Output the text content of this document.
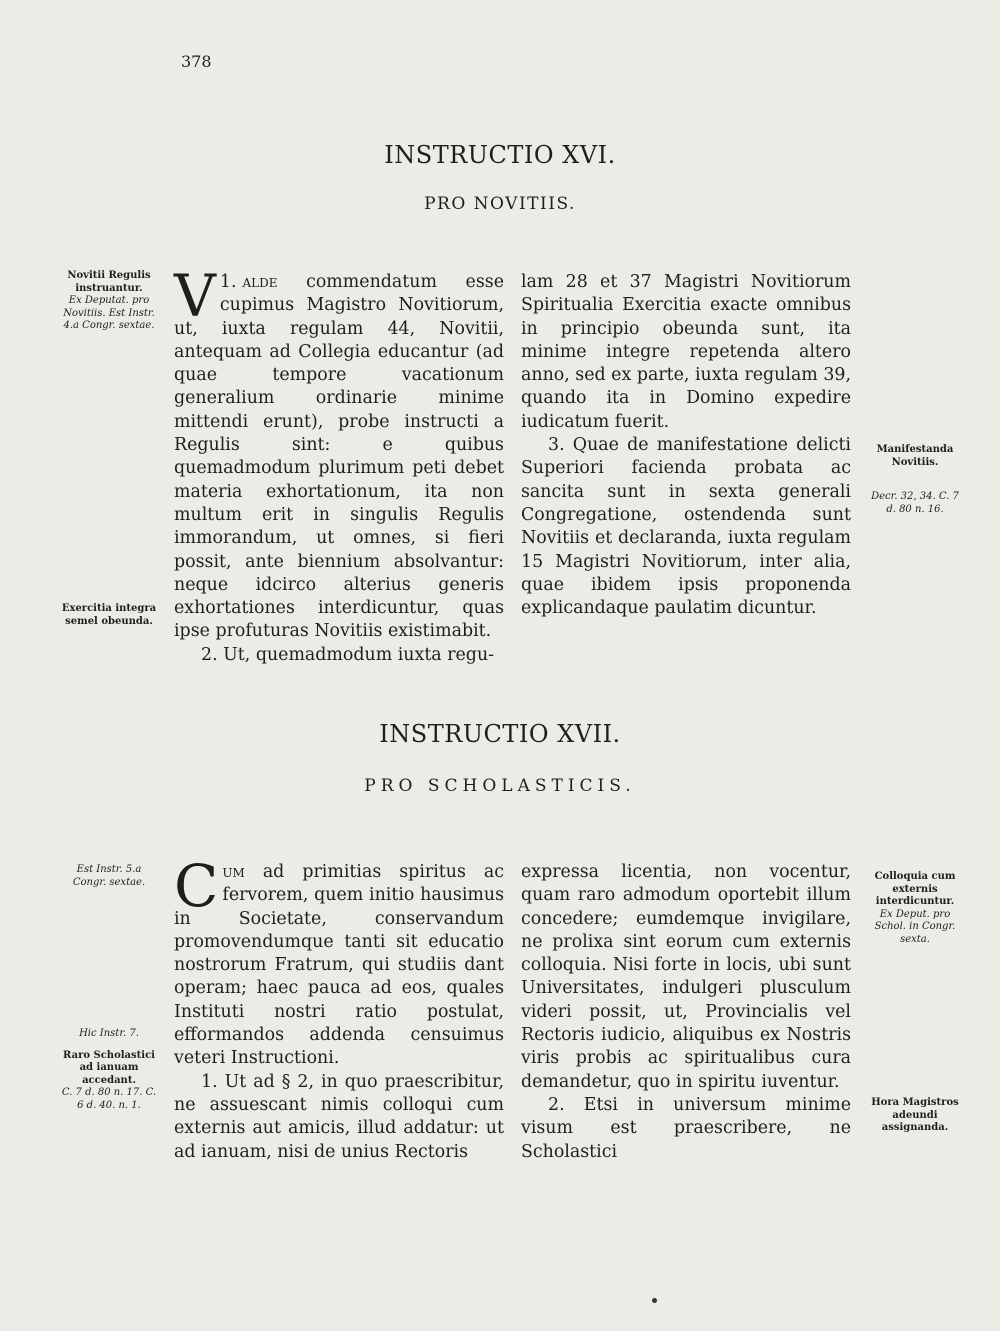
378
INSTRUCTIO XVI.
PRO NOVITIIS.
Novitii Regulis instruantur.
Ex Deputat. pro Novitiis. Est Instr. 4.a Congr. sextae.
Exercitia integra semel obeunda.
Manifestanda Novitiis.
Decr. 32, 34. C. 7 d. 80 n. 16.

1.
V alde commendatum esse cupimus Magistro Novitiorum, ut, iuxta regulam 44, Novitii, antequam ad Collegia educantur (ad quae tempore vacationum generalium ordinarie minime mittendi erunt), probe instructi a Regulis sint: e quibus quemadmodum plurimum peti debet materia exhortationum, ita non multum erit in singulis Regulis immorandum, ut omnes, si fieri possit, ante biennium absolvantur: neque idcirco alterius generis exhortationes interdicuntur, quas ipse profuturas Novitiis existimabit.

2. Ut, quemadmodum iuxta regu-

lam 28 et 37 Magistri Novitiorum Spiritualia Exercitia exacte omnibus in principio obeunda sunt, ita minime integre repetenda altero anno, sed ex parte, iuxta regulam 39, quando ita in Domino expedire iudicatum fuerit.

3. Quae de manifestatione delicti Superiori facienda probata ac sancita sunt in sexta generali Congregatione, ostendenda sunt Novitiis et declaranda, iuxta regulam 15 Magistri Novitiorum, inter alia, quae ibidem ipsis proponenda explicandaque paulatim dicuntur.

INSTRUCTIO XVII.
PRO SCHOLASTICIS.
Est Instr. 5.a Congr. sextae.
Hic Instr. 7.
Raro Scholastici ad ianuam accedant.
C. 7 d. 80 n. 17. C. 6 d. 40. n. 1.
Colloquia cum externis interdicuntur.
Ex Deput. pro Schol. in Congr. sexta.
Hora Magistros adeundi assignanda.

Cum ad primitias spiritus ac fervorem, quem initio hausimus in Societate, conservandum promovendumque tanti sit educatio nostrorum Fratrum, qui studiis dant operam; haec pauca ad eos, quales Instituti nostri ratio postulat, efformandos addenda censuimus veteri Instructioni.

1. Ut ad § 2, in quo praescribitur, ne assuescant nimis colloqui cum externis aut amicis, illud addatur: ut ad ianuam, nisi de unius Rectoris

expressa licentia, non vocentur, quam raro admodum oportebit illum concedere; eumdemque invigilare, ne prolixa sint eorum cum externis colloquia. Nisi forte in locis, ubi sunt Universitates, indulgeri plusculum videri possit, ut, Provincialis vel Rectoris iudicio, aliquibus ex Nostris viris probis ac spiritualibus cura demandetur, quo in spiritu iuventur.

2. Etsi in universum minime visum est praescribere, ne Scholastici
